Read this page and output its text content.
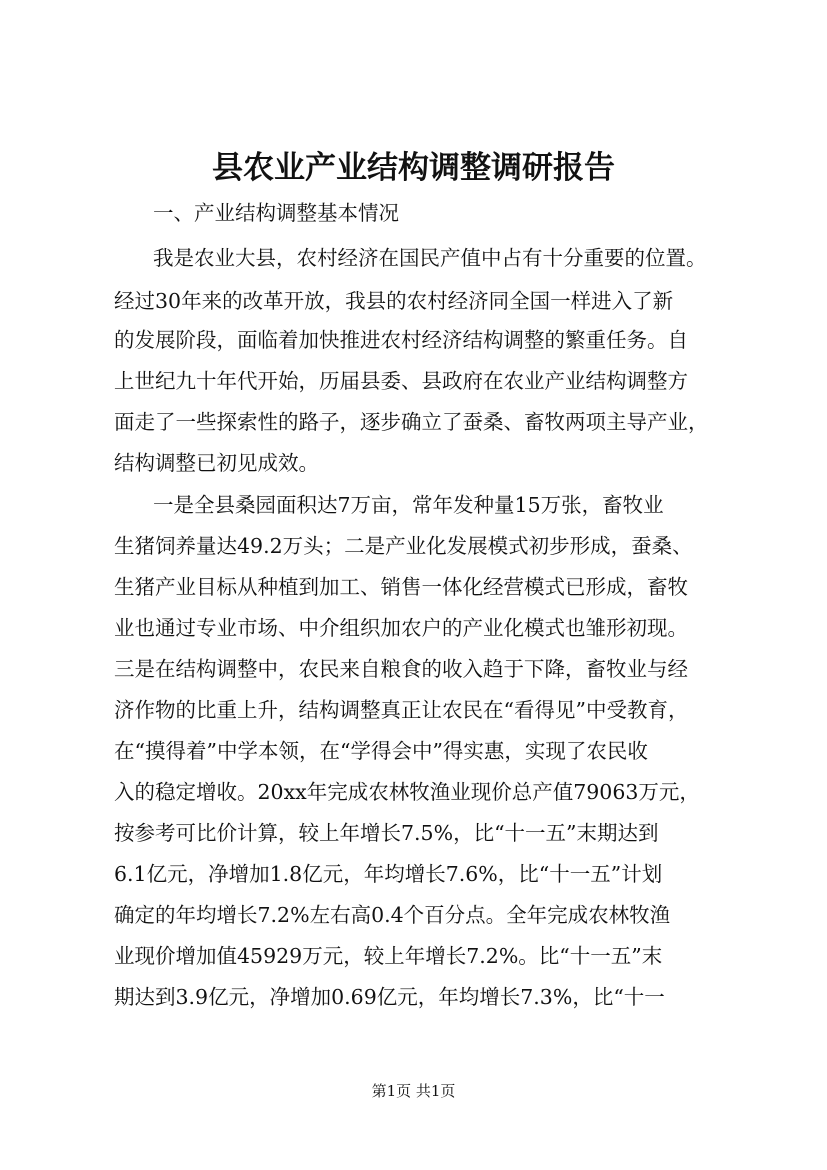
县农业产业结构调整调研报告
一、产业结构调整基本情况
我是农业大县，农村经济在国民产值中占有十分重要的位置。
经过30年来的改革开放，我县的农村经济同全国一样进入了新
的发展阶段，面临着加快推进农村经济结构调整的繁重任务。自
上世纪九十年代开始，历届县委、县政府在农业产业结构调整方
面走了一些探索性的路子，逐步确立了蚕桑、畜牧两项主导产业，
结构调整已初见成效。
一是全县桑园面积达7万亩，常年发种量15万张，畜牧业
生猪饲养量达49.2万头；二是产业化发展模式初步形成，蚕桑、
生猪产业目标从种植到加工、销售一体化经营模式已形成，畜牧
业也通过专业市场、中介组织加农户的产业化模式也雏形初现。
三是在结构调整中，农民来自粮食的收入趋于下降，畜牧业与经
济作物的比重上升，结构调整真正让农民在“看得见”中受教育，
在“摸得着”中学本领，在“学得会中”得实惠，实现了农民收
入的稳定增收。20xx年完成农林牧渔业现价总产值79063万元，
按参考可比价计算，较上年增长7.5%，比“十一五”末期达到
6.1亿元，净增加1.8亿元，年均增长7.6%，比“十一五”计划
确定的年均增长7.2%左右高0.4个百分点。全年完成农林牧渔
业现价增加值45929万元，较上年增长7.2%。比“十一五”末
期达到3.9亿元，净增加0.69亿元，年均增长7.3%，比“十一
第1页 共1页
